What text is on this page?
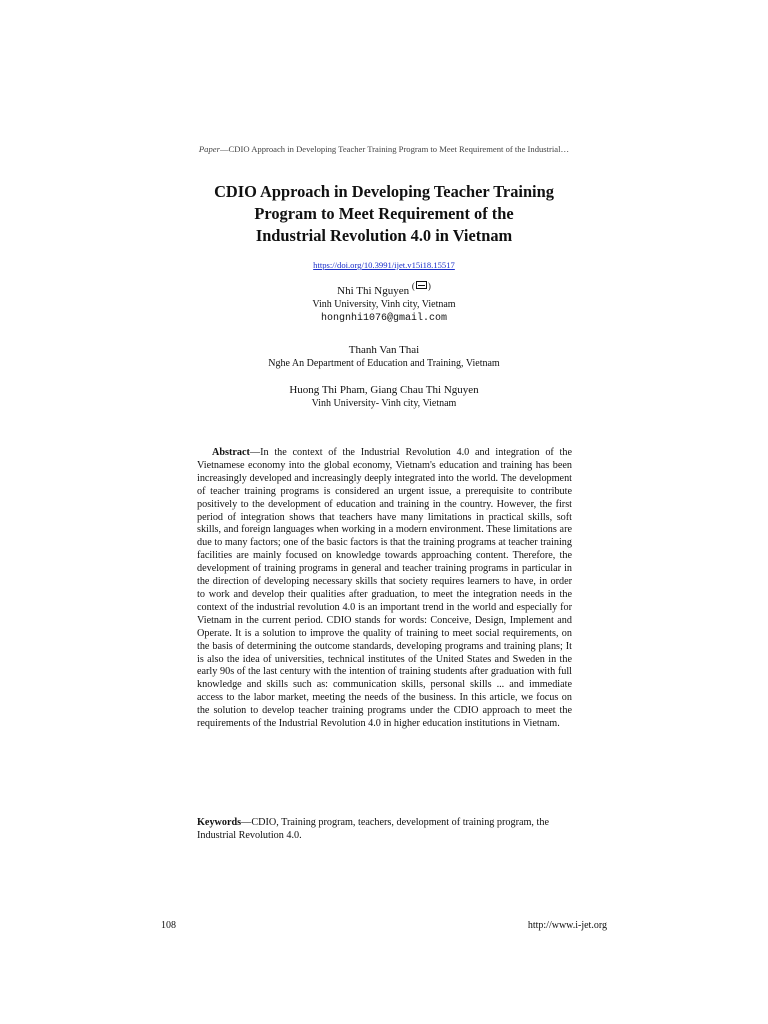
Paper—CDIO Approach in Developing Teacher Training Program to Meet Requirement of the Industrial…
CDIO Approach in Developing Teacher Training
Program to Meet Requirement of the
Industrial Revolution 4.0 in Vietnam
https://doi.org/10.3991/ijet.v15i18.15517
Nhi Thi Nguyen ( )
Vinh University, Vinh city, Vietnam
hongnhi1076@gmail.com
Thanh Van Thai
Nghe An Department of Education and Training, Vietnam
Huong Thi Pham, Giang Chau Thi Nguyen
Vinh University- Vinh city, Vietnam

Abstract—In the context of the Industrial Revolution 4.0 and integration of the Vietnamese economy into the global economy, Vietnam's education and training has been increasingly developed and increasingly deeply integrated into the world. The development of teacher training programs is considered an urgent issue, a prerequisite to contribute positively to the development of education and training in the country. However, the first period of integration shows that teachers have many limitations in practical skills, soft skills, and foreign languages when working in a modern environment. These limitations are due to many factors; one of the basic factors is that the training programs at teacher training facilities are mainly focused on knowledge towards approaching content. Therefore, the development of training programs in general and teacher training programs in particular in the direction of developing necessary skills that society requires learners to have, in order to work and develop their qualities after graduation, to meet the integration needs in the context of the industrial revolution 4.0 is an important trend in the world and especially for Vietnam in the current period. CDIO stands for words: Conceive, Design, Implement and Operate. It is a solution to improve the quality of training to meet social requirements, on the basis of determining the outcome standards, developing programs and training plans; It is also the idea of universities, technical institutes of the United States and Sweden in the early 90s of the last century with the intention of training students after graduation with full knowledge and skills such as: communication skills, personal skills ... and immediate access to the labor market, meeting the needs of the business. In this article, we focus on the solution to develop teacher training programs under the CDIO approach to meet the requirements of the Industrial Revolution 4.0 in higher education institutions in Vietnam.

Keywords—CDIO, Training program, teachers, development of training program, the Industrial Revolution 4.0.

108	http://www.i-jet.org
